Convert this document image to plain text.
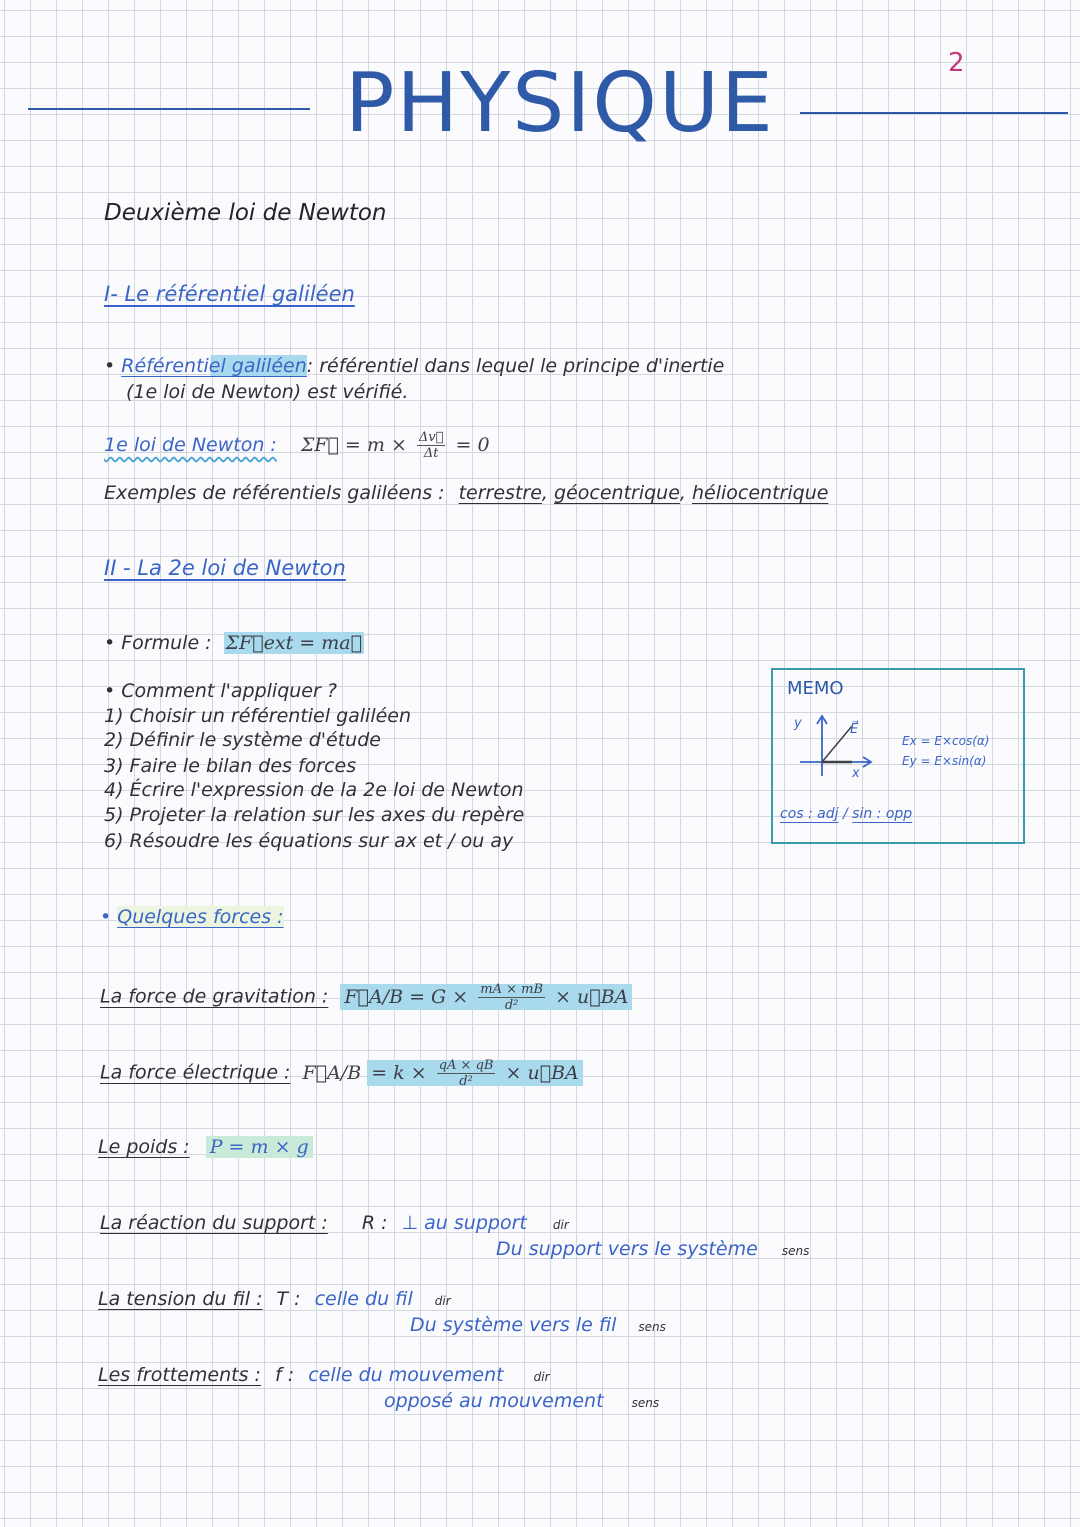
2
PHYSIQUE
Deuxième loi de Newton
I- Le référentiel galiléen
• Référentiel galiléen: référentiel dans lequel le principe d'inertie
(1e loi de Newton) est vérifié.
1e loi de Newton : ΣF⃗ = $m \times \frac{\Delta v⃗}{\Delta t} = 0$
Exemples de référentiels galiléens : terrestre, géocentrique, héliocentrique
II - La 2e loi de Newton
• Formule : ΣF⃗ext = ma⃗
• Comment l'appliquer ?
1) Choisir un référentiel galiléen
2) Définir le système d'étude
3) Faire le bilan des forces
4) Écrire l'expression de la 2e loi de Newton
5) Projeter la relation sur les axes du repère
6) Résoudre les équations sur ax et / ou ay
MEMO
y
x
E⃗
Ex = E×cos(α)
Ey = E×sin(α)
cos : adj / sin : opp
• Quelques forces :
La force de gravitation : F⃗A/B = $G \times \frac{mA \times mB}{\text{d²}}$ × u⃗BA
La force électrique : F⃗A/B = $k \times \frac{qA \times qB}{\text{d²}}$ × u⃗BA
Le poids : P = m × g
La réaction du support : R : ⊥ au support dir
Du support vers le système sens
La tension du fil : T : celle du fil dir
Du système vers le fil sens
Les frottements : f : celle du mouvement	dir
opposé au mouvement sens
